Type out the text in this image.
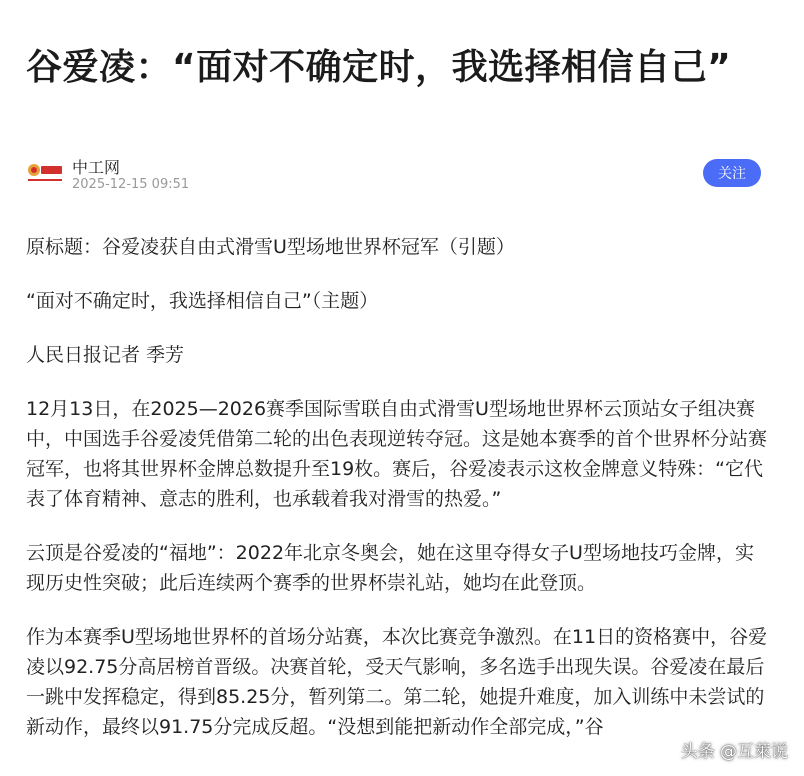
谷爱凌：“面对不确定时，我选择相信自己”
中工网
2025-12-15 09:51
关注

原标题：谷爱凌获自由式滑雪U型场地世界杯冠军（引题）

“面对不确定时，我选择相信自己”（主题）

人民日报记者 季芳

12月13日，在2025—2026赛季国际雪联自由式滑雪U型场地世界杯云顶站女子组决赛中，中国选手谷爱凌凭借第二轮的出色表现逆转夺冠。这是她本赛季的首个世界杯分站赛冠军，也将其世界杯金牌总数提升至19枚。赛后，谷爱凌表示这枚金牌意义特殊：“它代表了体育精神、意志的胜利，也承载着我对滑雪的热爱。”

云顶是谷爱凌的“福地”：2022年北京冬奥会，她在这里夺得女子U型场地技巧金牌，实现历史性突破；此后连续两个赛季的世界杯崇礼站，她均在此登顶。

作为本赛季U型场地世界杯的首场分站赛，本次比赛竞争激烈。在11日的资格赛中，谷爱凌以92.75分高居榜首晋级。决赛首轮，受天气影响，多名选手出现失误。谷爱凌在最后一跳中发挥稳定，得到85.25分，暂列第二。第二轮，她提升难度，加入训练中未尝试的新动作，最终以91.75分完成反超。“没想到能把新动作全部完成，”谷

头条 @互萊说
